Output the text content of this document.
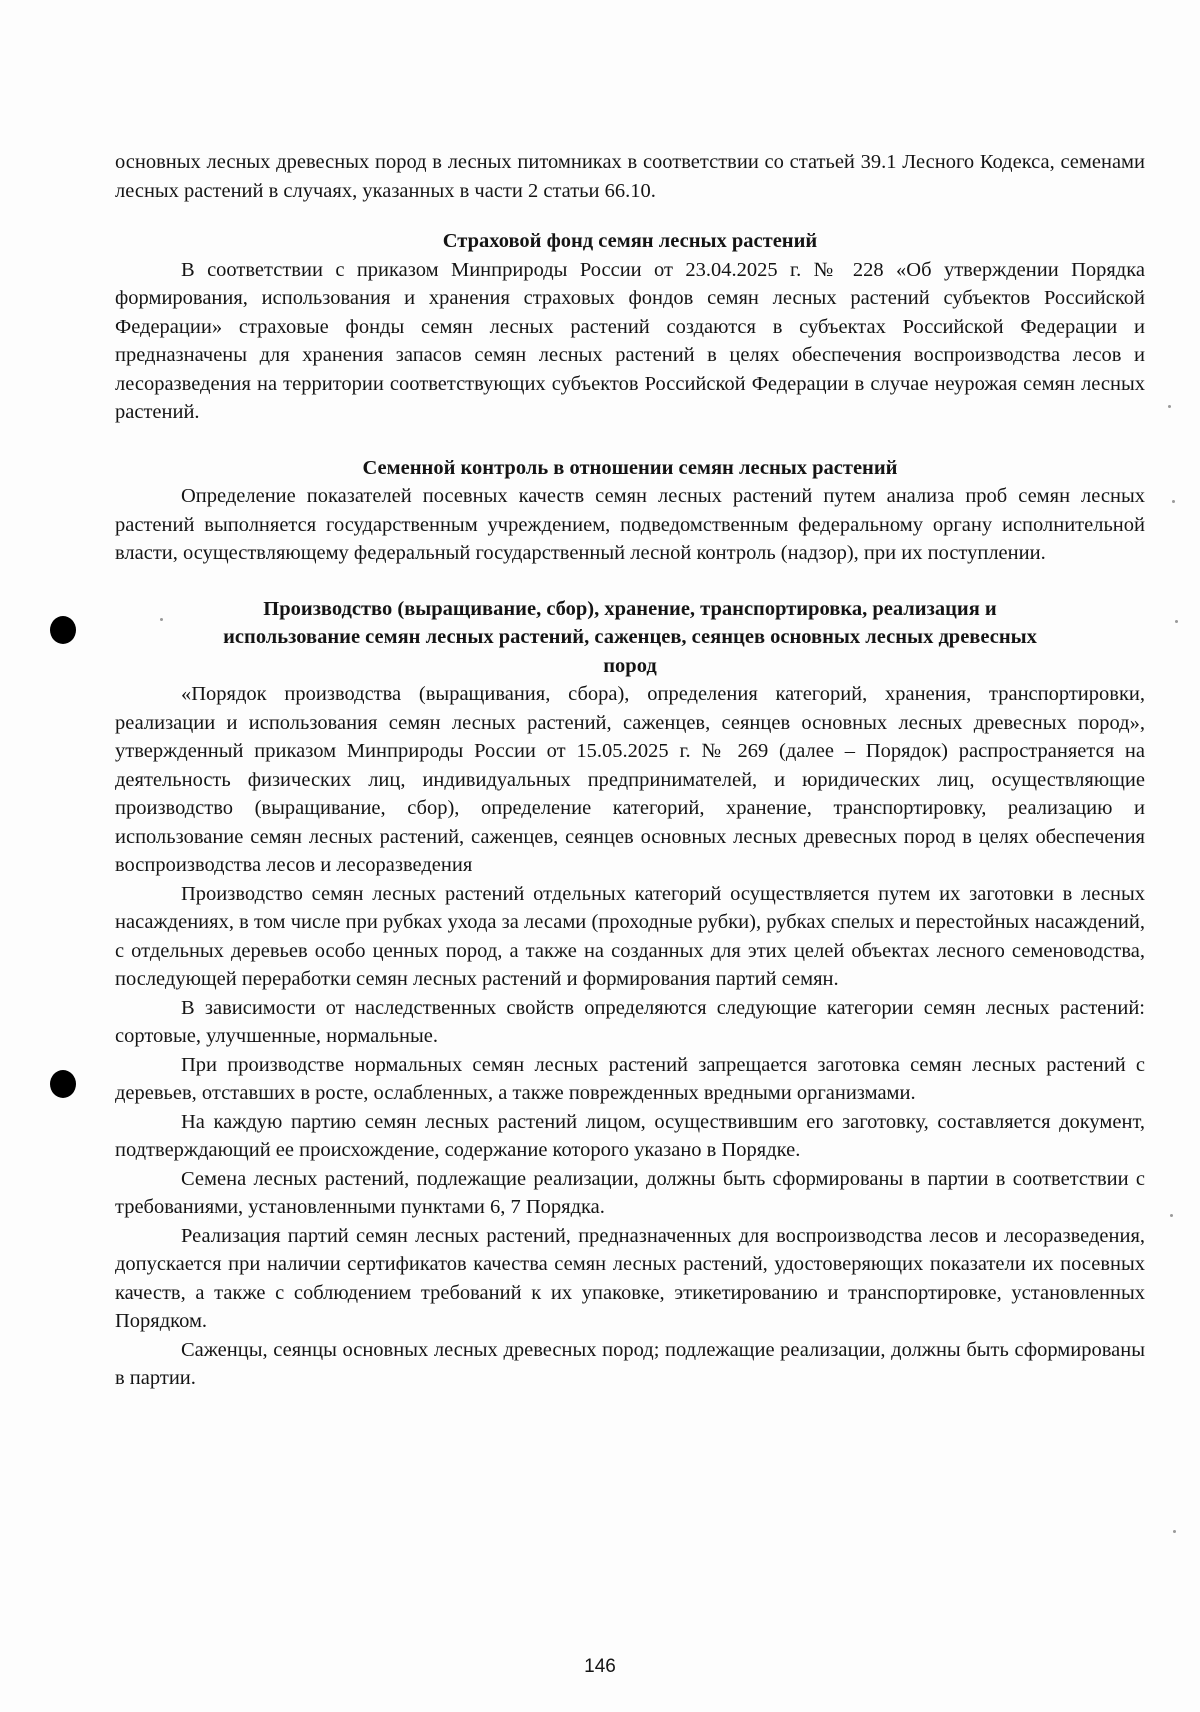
основных лесных древесных пород в лесных питомниках в соответствии со статьей 39.1 Лесного Кодекса, семенами лесных растений в случаях, указанных в части 2 статьи 66.10.

Страховой фонд семян лесных растений

В соответствии с приказом Минприроды России от 23.04.2025 г. № 228 «Об утверждении Порядка формирования, использования и хранения страховых фондов семян лесных растений субъектов Российской Федерации» страховые фонды семян лесных растений создаются в субъектах Российской Федерации и предназначены для хранения запасов семян лесных растений в целях обеспечения воспроизводства лесов и лесоразведения на территории соответствующих субъектов Российской Федерации в случае неурожая семян лесных растений.

Семенной контроль в отношении семян лесных растений

Определение показателей посевных качеств семян лесных растений путем анализа проб семян лесных растений выполняется государственным учреждением, подведомственным федеральному органу исполнительной власти, осуществляющему федеральный государственный лесной контроль (надзор), при их поступлении.

Производство (выращивание, сбор), хранение, транспортировка, реализация и использование семян лесных растений, саженцев, сеянцев основных лесных древесных пород

«Порядок производства (выращивания, сбора), определения категорий, хранения, транспортировки, реализации и использования семян лесных растений, саженцев, сеянцев основных лесных древесных пород», утвержденный приказом Минприроды России от 15.05.2025 г. № 269 (далее – Порядок) распространяется на деятельность физических лиц, индивидуальных предпринимателей, и юридических лиц, осуществляющие производство (выращивание, сбор), определение категорий, хранение, транспортировку, реализацию и использование семян лесных растений, саженцев, сеянцев основных лесных древесных пород в целях обеспечения воспроизводства лесов и лесоразведения

Производство семян лесных растений отдельных категорий осуществляется путем их заготовки в лесных насаждениях, в том числе при рубках ухода за лесами (проходные рубки), рубках спелых и перестойных насаждений, с отдельных деревьев особо ценных пород, а также на созданных для этих целей объектах лесного семеноводства, последующей переработки семян лесных растений и формирования партий семян.

В зависимости от наследственных свойств определяются следующие категории семян лесных растений: сортовые, улучшенные, нормальные.

При производстве нормальных семян лесных растений запрещается заготовка семян лесных растений с деревьев, отставших в росте, ослабленных, а также поврежденных вредными организмами.

На каждую партию семян лесных растений лицом, осуществившим его заготовку, составляется документ, подтверждающий ее происхождение, содержание которого указано в Порядке.

Семена лесных растений, подлежащие реализации, должны быть сформированы в партии в соответствии с требованиями, установленными пунктами 6, 7 Порядка.

Реализация партий семян лесных растений, предназначенных для воспроизводства лесов и лесоразведения, допускается при наличии сертификатов качества семян лесных растений, удостоверяющих показатели их посевных качеств, а также с соблюдением требований к их упаковке, этикетированию и транспортировке, установленных Порядком.

Саженцы, сеянцы основных лесных древесных пород; подлежащие реализации, должны быть сформированы в партии.

146
